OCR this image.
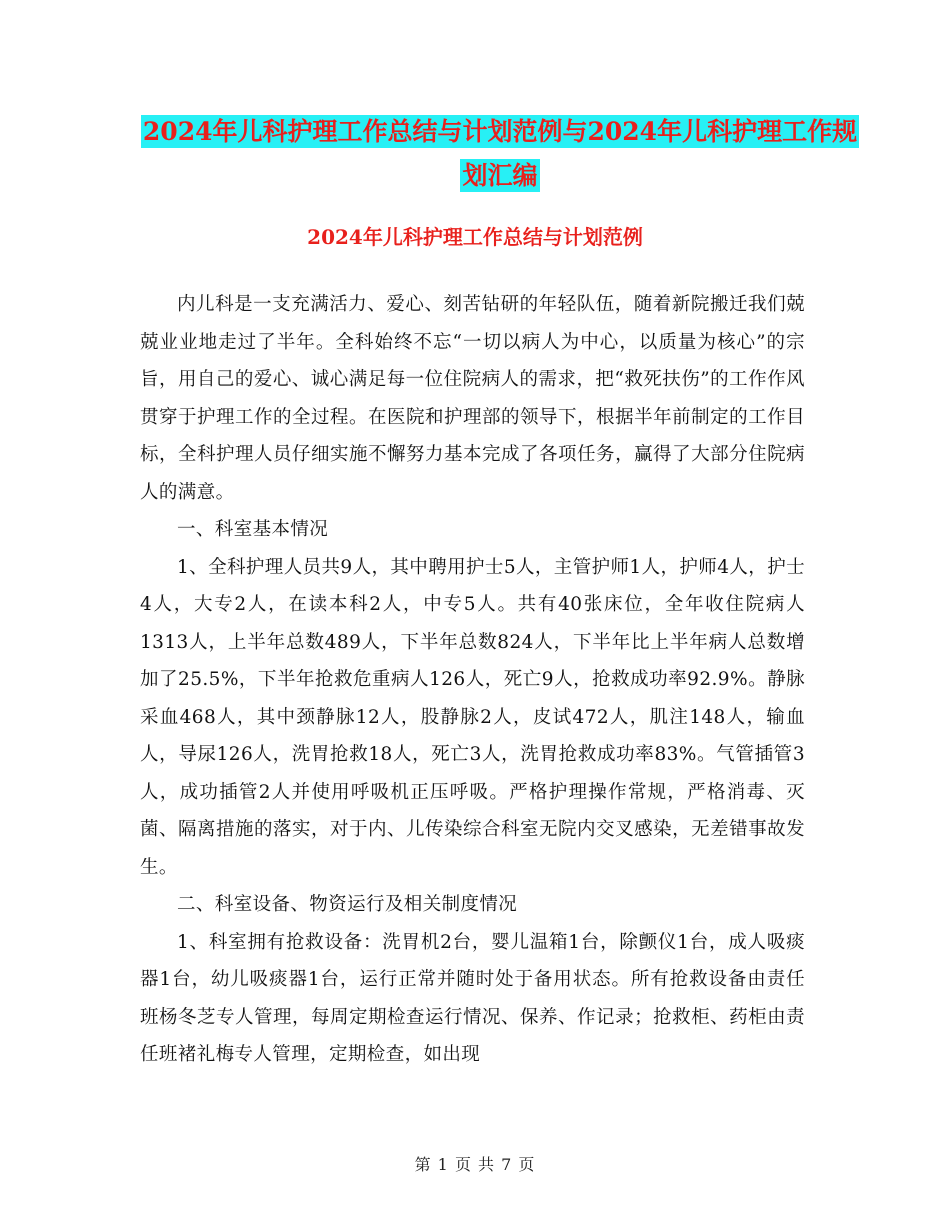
2024年儿科护理工作总结与计划范例与2024年儿科护理工作规划汇编
2024年儿科护理工作总结与计划范例

内儿科是一支充满活力、爱心、刻苦钻研的年轻队伍，随着新院搬迁我们兢兢业业地走过了半年。全科始终不忘“一切以病人为中心，以质量为核心”的宗旨，用自己的爱心、诚心满足每一位住院病人的需求，把“救死扶伤”的工作作风贯穿于护理工作的全过程。在医院和护理部的领导下，根据半年前制定的工作目标，全科护理人员仔细实施不懈努力基本完成了各项任务，赢得了大部分住院病人的满意。

一、科室基本情况

1、全科护理人员共9人，其中聘用护士5人，主管护师1人，护师4人，护士4人，大专2人，在读本科2人，中专5人。共有40张床位，全年收住院病人1313人，上半年总数489人，下半年总数824人，下半年比上半年病人总数增加了25.5%，下半年抢救危重病人126人，死亡9人，抢救成功率92.9%。静脉采血468人，其中颈静脉12人，股静脉2人，皮试472人，肌注148人，输血 人，导尿126人，洗胃抢救18人，死亡3人，洗胃抢救成功率83%。气管插管3人，成功插管2人并使用呼吸机正压呼吸。严格护理操作常规，严格消毒、灭菌、隔离措施的落实，对于内、儿传染综合科室无院内交叉感染，无差错事故发生。

二、科室设备、物资运行及相关制度情况

1、科室拥有抢救设备：洗胃机2台，婴儿温箱1台，除颤仪1台，成人吸痰器1台，幼儿吸痰器1台，运行正常并随时处于备用状态。所有抢救设备由责任班杨冬芝专人管理，每周定期检查运行情况、保养、作记录；抢救柜、药柜由责任班褚礼梅专人管理，定期检查，如出现

第 1 页 共 7 页
